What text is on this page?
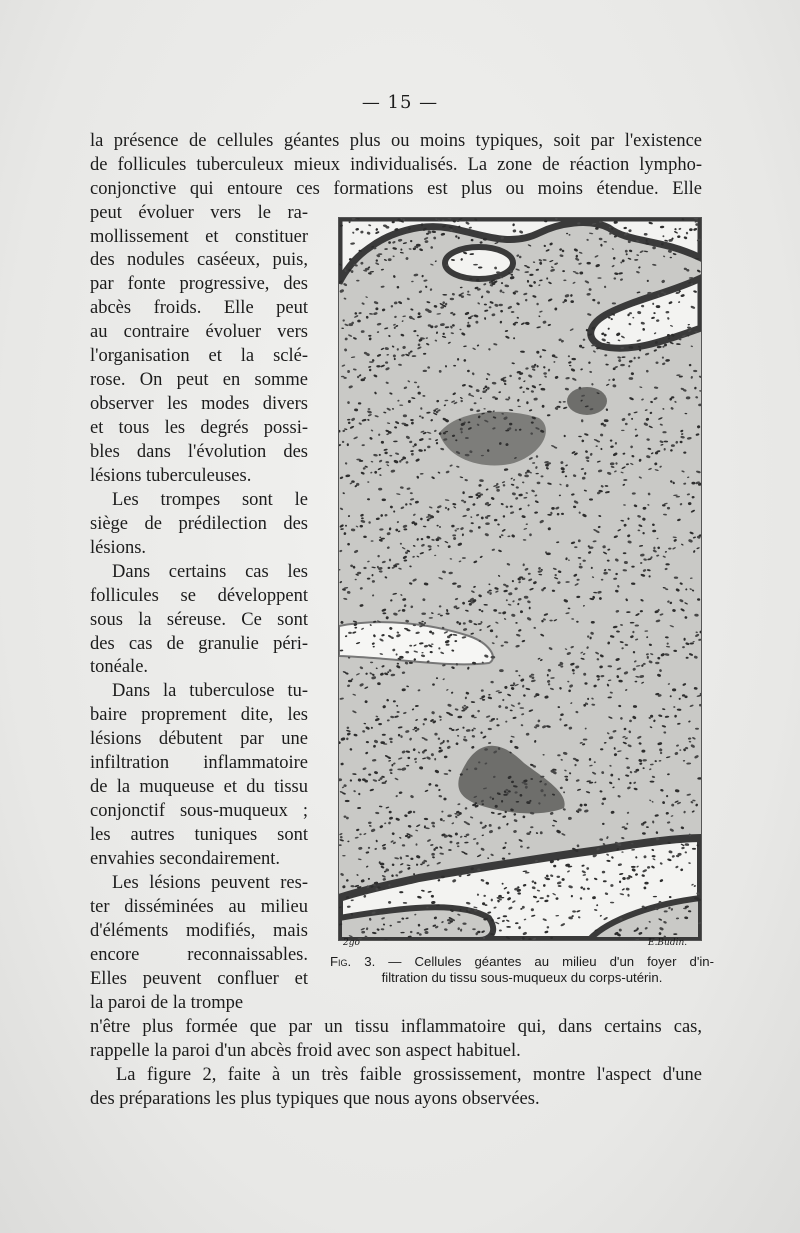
— 15 —
la présence de cellules géantes plus ou moins typiques, soit par l'existence
de follicules tuberculeux mieux individualisés. La zone de réaction lympho-
conjonctive qui entoure ces formations est plus ou moins étendue. Elle
peut évoluer vers le ra-
mollissement et constituer
des nodules caséeux, puis,
par fonte progressive, des
abcès froids. Elle peut
au contraire évoluer vers
l'organisation et la sclé-
rose. On peut en somme
observer les modes divers
et tous les degrés possi-
bles dans l'évolution des
lésions tuberculeuses.
Les trompes sont le
siège de prédilection des
lésions.
Dans certains cas les
follicules se développent
sous la séreuse. Ce sont
des cas de granulie péri-
tonéale.
Dans la tuberculose tu-
baire proprement dite, les
lésions débutent par une
infiltration inflammatoire
de la muqueuse et du tissu
conjonctif sous-muqueux ;
les autres tuniques sont
envahies secondairement.
Les lésions peuvent res-
ter disséminées au milieu
d'éléments modifiés, mais
encore reconnaissables.
Elles peuvent confluer et
la paroi de la trompe
n'être plus formée que par un tissu inflammatoire qui, dans certains cas,
rappelle la paroi d'un abcès froid avec son aspect habituel.
La figure 2, faite à un très faible grossissement, montre l'aspect d'une
des préparations les plus typiques que nous ayons observées.
2go	E.Budin.
Fig. 3. — Cellules géantes au milieu d'un foyer d'in-
filtration du tissu sous-muqueux du corps-utérin.
